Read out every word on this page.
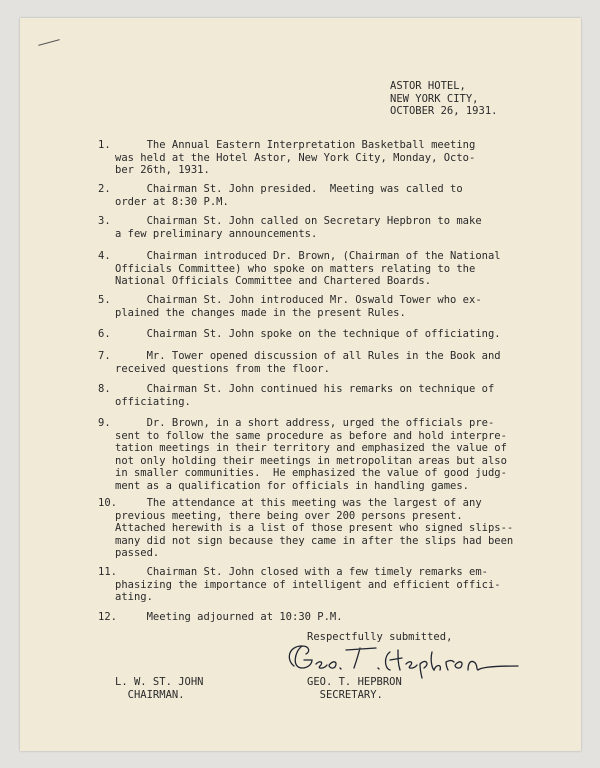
ASTOR HOTEL,
NEW YORK CITY,
OCTOBER 26, 1931.
1.	The Annual Eastern Interpretation Basketball meeting
was held at the Hotel Astor, New York City, Monday, Octo-
ber 26th, 1931.
2.	Chairman St. John presided.  Meeting was called to
order at 8:30 P.M.
3.	Chairman St. John called on Secretary Hepbron to make
a few preliminary announcements.
4.	Chairman introduced Dr. Brown, (Chairman of the National
Officials Committee) who spoke on matters relating to the
National Officials Committee and Chartered Boards.
5.	Chairman St. John introduced Mr. Oswald Tower who ex-
plained the changes made in the present Rules.
6. Chairman St. John spoke on the technique of officiating.
7.	Mr. Tower opened discussion of all Rules in the Book and
received questions from the floor.
8.	Chairman St. John continued his remarks on technique of
officiating.
9.	Dr. Brown, in a short address, urged the officials pre-
sent to follow the same procedure as before and hold interpre-
tation meetings in their territory and emphasized the value of
not only holding their meetings in metropolitan areas but also
in smaller communities.  He emphasized the value of good judg-
ment as a qualification for officials in handling games.
10.	The attendance at this meeting was the largest of any
previous meeting, there being over 200 persons present.
Attached herewith is a list of those present who signed slips--
many did not sign because they came in after the slips had been
passed.
11.	Chairman St. John closed with a few timely remarks em-
phasizing the importance of intelligent and efficient offici-
ating.
12.
Meeting adjourned at 10:30 P.M.
Respectfully submitted,
L. W. ST. JOHN
CHAIRMAN.
GEO. T. HEPBRON
SECRETARY.
